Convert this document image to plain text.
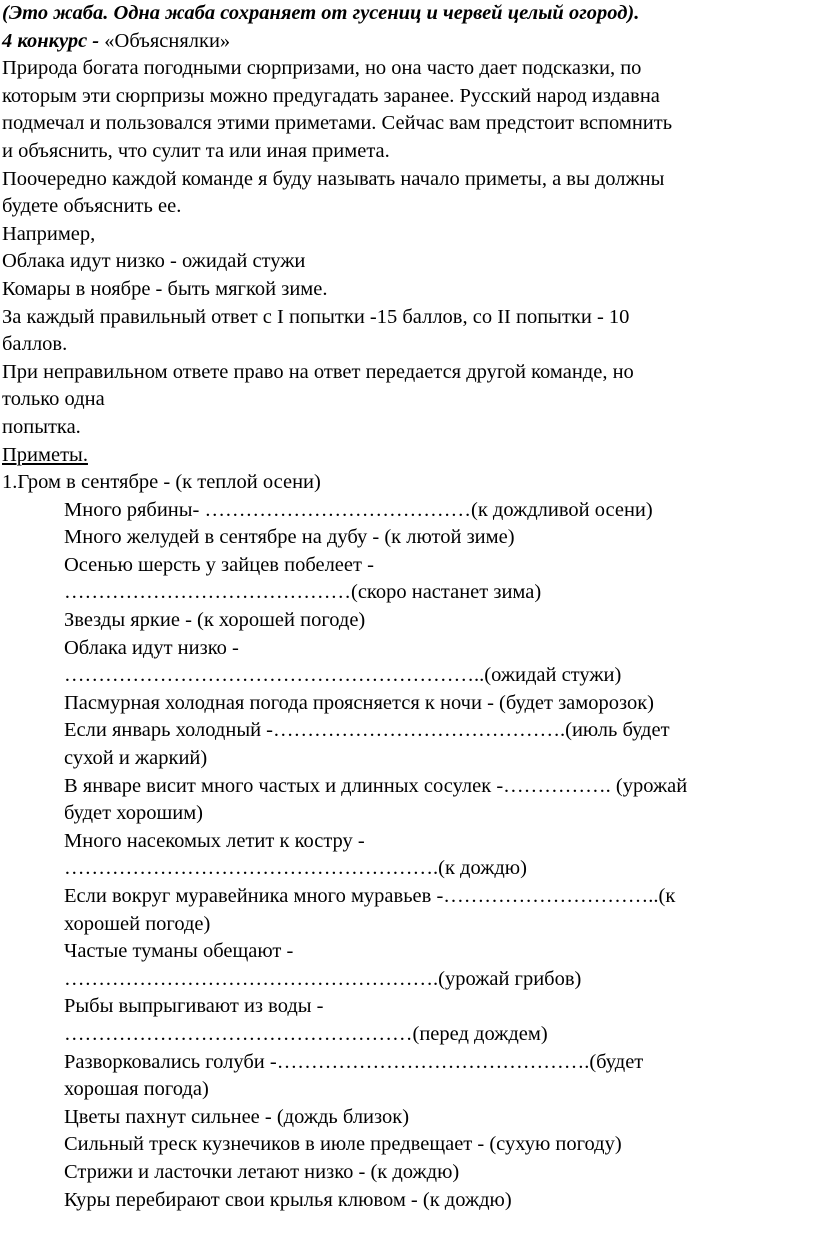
(Это жаба. Одна жаба сохраняет от гусениц и червей целый огород).
4 конкурс - «Объяснялки»
Природа богата погодными сюрпризами, но она часто дает подсказки, по
которым эти сюрпризы можно предугадать заранее. Русский народ издавна
подмечал и пользовался этими приметами. Сейчас вам предстоит вспомнить
и объяснить, что сулит та или иная примета.
Поочередно каждой команде я буду называть начало приметы, а вы должны
будете объяснить ее.
Например,
Облака идут низко - ожидай стужи
Комары в ноябре - быть мягкой зиме.
За каждый правильный ответ с I попытки -15 баллов, со II попытки - 10
баллов.
При неправильном ответе право на ответ передается другой команде, но
только одна
попытка.
Приметы.
1.Гром в сентябре - (к теплой осени)
Много рябины- …………………………………(к дождливой осени)
Много желудей в сентябре на дубу - (к лютой зиме)
Осенью шерсть у зайцев побелеет -
……………………………………(скоро настанет зима)
Звезды яркие - (к хорошей погоде)
Облака идут низко -
……………………………………………………..(ожидай стужи)
Пасмурная холодная погода проясняется к ночи - (будет заморозок)
Если январь холодный -…………………………………….(июль будет
сухой и жаркий)
В январе висит много частых и длинных сосулек -……………. (урожай
будет хорошим)
Много насекомых летит к костру -
……………………………………………….(к дождю)
Если вокруг муравейника много муравьев -…………………………..(к
хорошей погоде)
Частые туманы обещают -
……………………………………………….(урожай грибов)
Рыбы выпрыгивают из воды -
……………………………………………(перед дождем)
Разворковались голуби -……………………………………….(будет
хорошая погода)
Цветы пахнут сильнее - (дождь близок)
Сильный треск кузнечиков в июле предвещает - (сухую погоду)
Стрижи и ласточки летают низко - (к дождю)
Куры перебирают свои крылья клювом - (к дождю)
